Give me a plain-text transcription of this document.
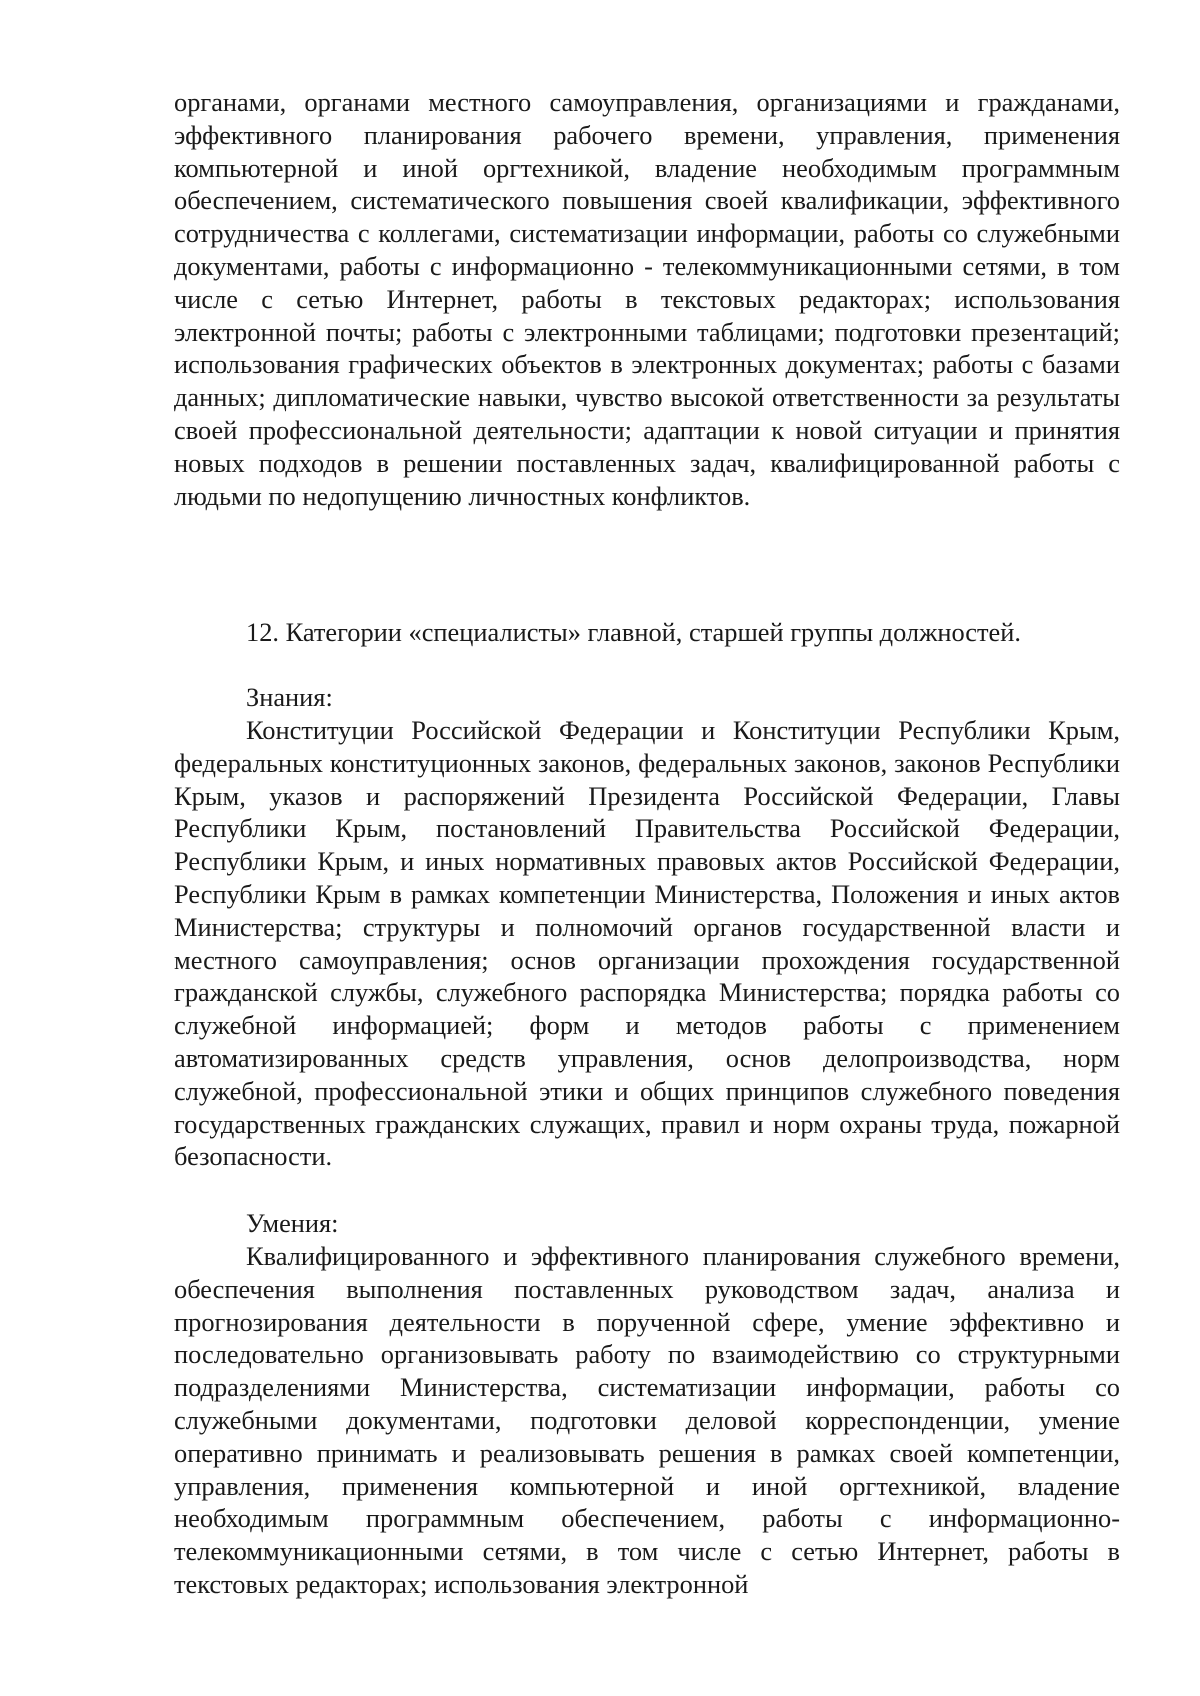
органами, органами местного самоуправления, организациями и гражданами, эффективного планирования рабочего времени, управления, применения компьютерной и иной оргтехникой, владение необходимым программным обеспечением, систематического повышения своей квалификации, эффективного сотрудничества с коллегами, систематизации информации, работы со служебными документами, работы с информационно - телекоммуникационными сетями, в том числе с сетью Интернет, работы в текстовых редакторах; использования электронной почты; работы с электронными таблицами; подготовки презентаций; использования графических объектов в электронных документах; работы с базами данных; дипломатические навыки, чувство высокой ответственности за результаты своей профессиональной деятельности; адаптации к новой ситуации и принятия новых подходов в решении поставленных задач, квалифицированной работы с людьми по недопущению личностных конфликтов.

12. Категории «специалисты» главной, старшей группы должностей.

Знания:

Конституции Российской Федерации и Конституции Республики Крым, федеральных конституционных законов, федеральных законов, законов Республики Крым, указов и распоряжений Президента Российской Федерации, Главы Республики Крым, постановлений Правительства Российской Федерации, Республики Крым, и иных нормативных правовых актов Российской Федерации, Республики Крым в рамках компетенции Министерства, Положения и иных актов Министерства; структуры и полномочий органов государственной власти и местного самоуправления; основ организации прохождения государственной гражданской службы, служебного распорядка Министерства; порядка работы со служебной информацией; форм и методов работы с применением автоматизированных средств управления, основ делопроизводства, норм служебной, профессиональной этики и общих принципов служебного поведения государственных гражданских служащих, правил и норм охраны труда, пожарной безопасности.

Умения:

Квалифицированного и эффективного планирования служебного времени, обеспечения выполнения поставленных руководством задач, анализа и прогнозирования деятельности в порученной сфере, умение эффективно и последовательно организовывать работу по взаимодействию со структурными подразделениями Министерства, систематизации информации, работы со служебными документами, подготовки деловой корреспонденции, умение оперативно принимать и реализовывать решения в рамках своей компетенции, управления, применения компьютерной и иной оргтехникой, владение необходимым программным обеспечением, работы с информационно-телекоммуникационными сетями, в том числе с сетью Интернет, работы в текстовых редакторах; использования электронной
